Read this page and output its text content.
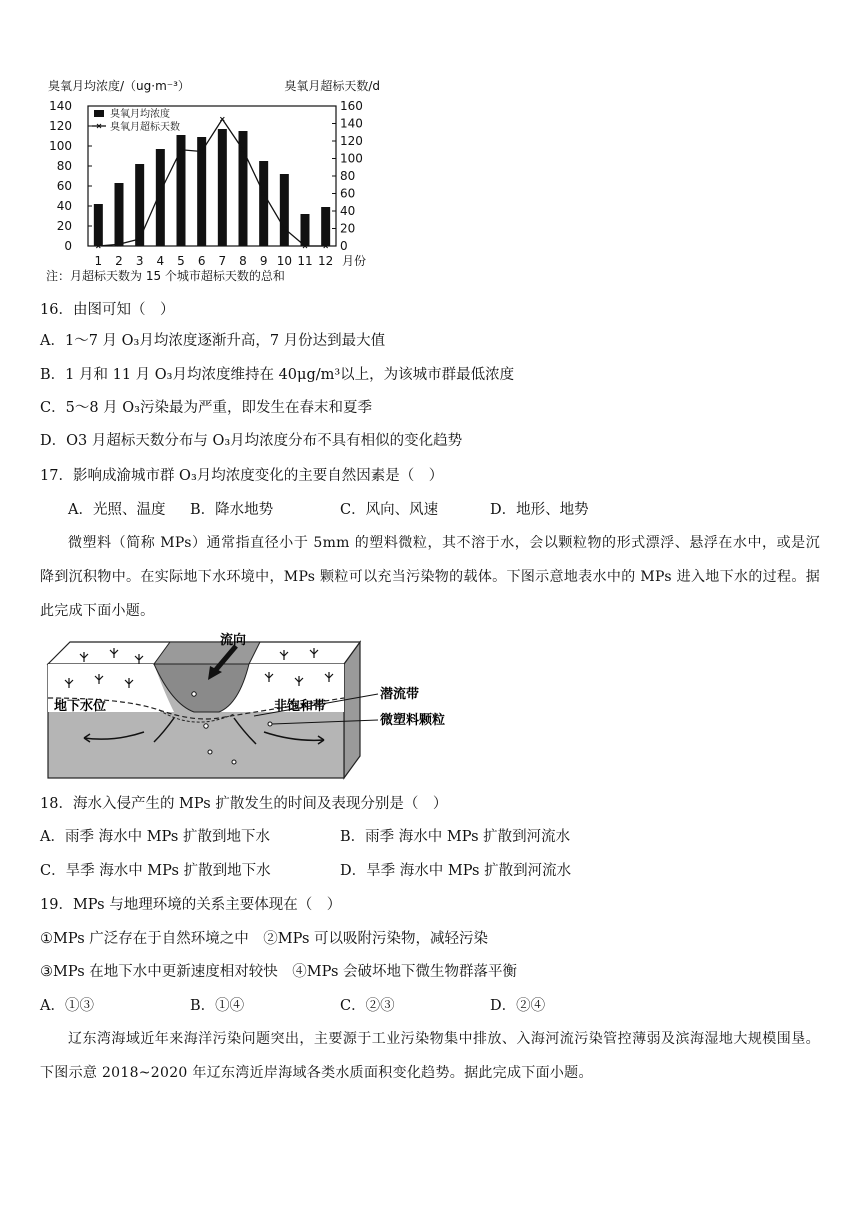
臭氧月均浓度/（ug·m⁻³）	臭氧月超标天数/d
0
20
40
60
80
100
120
140
0
20
40
60
80
100
120
140
160
1 2 3 4 5 6 7 8 9 10 11 12 月份
臭氧月均浓度
臭氧月超标天数
注：月超标天数为 15 个城市超标天数的总和
16．由图可知（　）
A．1～7 月 O₃月均浓度逐渐升高，7 月份达到最大值
B．1 月和 11 月 O₃月均浓度维持在 40μg/m³以上，为该城市群最低浓度
C．5～8 月 O₃污染最为严重，即发生在春末和夏季
D．O3 月超标天数分布与 O₃月均浓度分布不具有相似的变化趋势
17．影响成渝城市群 O₃月均浓度变化的主要自然因素是（　）
A．光照、温度 B．降水地势	C．风向、风速	D．地形、地势
微塑料（简称 MPs）通常指直径小于 5mm 的塑料微粒，其不溶于水，会以颗粒物的形式漂浮、悬浮在水中，或是沉降到沉积物中。在实际地下水环境中，MPs 颗粒可以充当污染物的载体。下图示意地表水中的 MPs 进入地下水的过程。据此完成下面小题。
流向
地下水位	非饱和带
潜流带
微塑料颗粒
18．海水入侵产生的 MPs 扩散发生的时间及表现分别是（　）
A．雨季 海水中 MPs 扩散到地下水	B．雨季 海水中 MPs 扩散到河流水
C．旱季 海水中 MPs 扩散到地下水	D．旱季 海水中 MPs 扩散到河流水
19．MPs 与地理环境的关系主要体现在（　）
①MPs 广泛存在于自然环境之中　②MPs 可以吸附污染物，减轻污染
③MPs 在地下水中更新速度相对较快　④MPs 会破坏地下微生物群落平衡
A．①③	B．①④	C．②③	D．②④
辽东湾海域近年来海洋污染问题突出，主要源于工业污染物集中排放、入海河流污染管控薄弱及滨海湿地大规模围垦。下图示意 2018~2020 年辽东湾近岸海域各类水质面积变化趋势。据此完成下面小题。
